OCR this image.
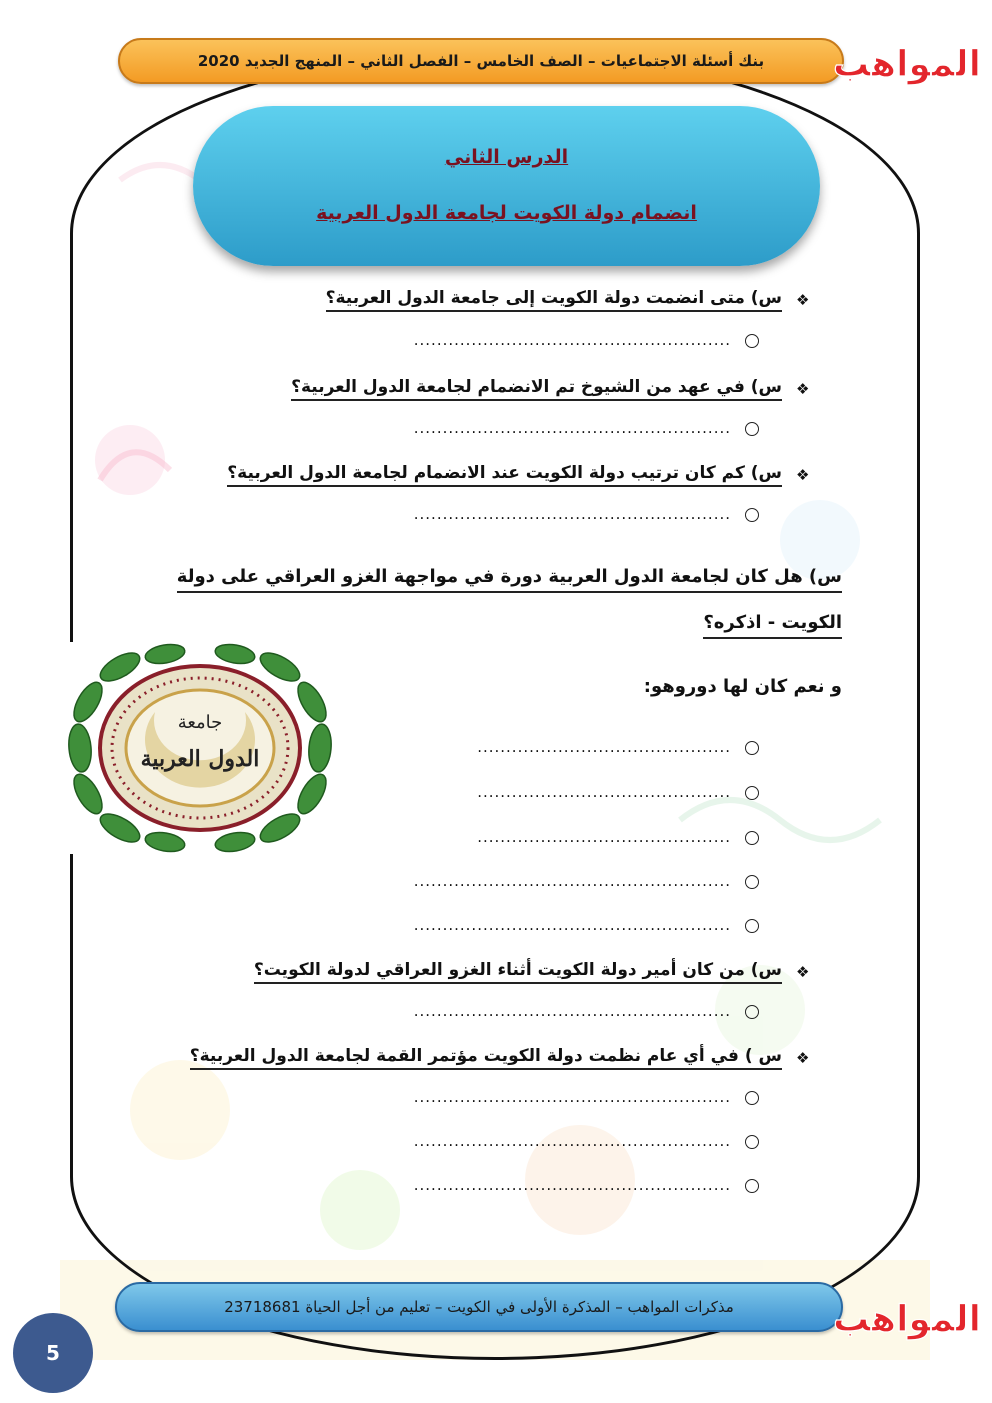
بنك أسئلة الاجتماعيات – الصف الخامس – الفصل الثاني – المنهج الجديد 2020 المواهب
الدرس الثاني
انضمام دولة الكويت لجامعة الدول العربية
❖
س) متى انضمت دولة الكويت إلى جامعة الدول العربية؟
.......................................................
❖
س) في عهد من الشيوخ تم الانضمام لجامعة الدول العربية؟
.......................................................
❖
س) كم كان ترتيب دولة الكويت عند الانضمام لجامعة الدول العربية؟
.......................................................
س) هل كان لجامعة الدول العربية دورة في مواجهة الغزو العراقي على دولة
الكويت - اذكره؟
و نعم كان لها دوروهو:
جامعة
الدول العربية	............................................
............................................
............................................
.......................................................
.......................................................
❖
س) من كان أمير دولة الكويت أثناء الغزو العراقي لدولة الكويت؟
.......................................................
❖
س ) في أي عام نظمت دولة الكويت مؤتمر القمة لجامعة الدول العربية؟
.......................................................
.......................................................
.......................................................
مذكرات المواهب – المذكرة الأولى في الكويت – تعليم من أجل الحياة 23718681	المواهب
5
